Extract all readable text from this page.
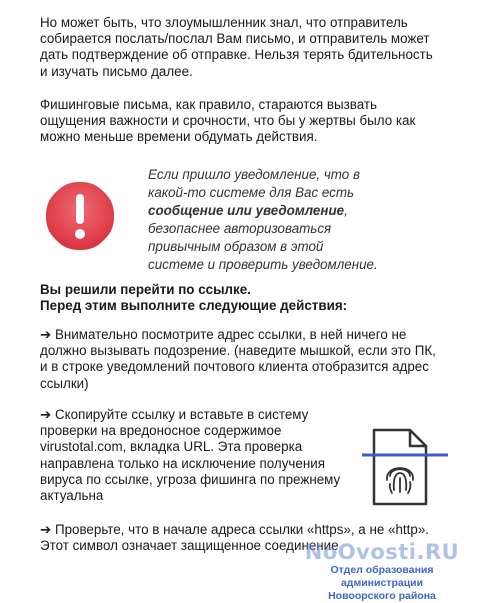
Но может быть, что злоумышленник знал, что отправитель собирается послать/послал Вам письмо, и отправитель может дать подтверждение об отправке. Нельзя терять бдительность и изучать письмо далее.

Фишинговые письма, как правило, стараются вызвать ощущения важности и срочности, что бы у жертвы было как можно меньше времени обдумать действия.

Если пришло уведомление, что в какой-то системе для Вас есть сообщение или уведомление, безопаснее авторизоваться привычным образом в этой системе и проверить уведомление.

Вы решили перейти по ссылке.
Перед этим выполните следующие действия:

➔ Внимательно посмотрите адрес ссылки, в ней ничего не должно вызывать подозрение. (наведите мышкой, если это ПК, и в строке уведомлений почтового клиента отобразится адрес ссылки)

➔ Скопируйте ссылку и вставьте в систему проверки на вредоносное содержимое virustotal.com, вкладка URL. Эта проверка направлена только на исключение получения вируса по ссылке, угроза фишинга по прежнему актуальна

➔ Проверьте, что в начале адреса ссылки «https», а не «http». Этот символ означает защищенное соединение

NoOvosti.RU
Отдел образования администрации
Новоорского района
